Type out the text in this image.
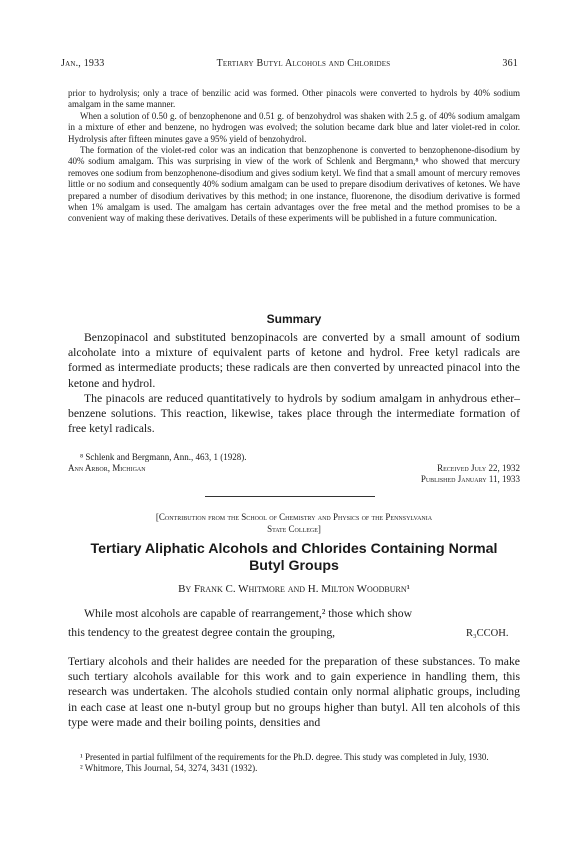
Jan., 1933	Tertiary Butyl Alcohols and Chlorides	361

prior to hydrolysis; only a trace of benzilic acid was formed. Other pinacols were converted to hydrols by 40% sodium amalgam in the same manner.

When a solution of 0.50 g. of benzophenone and 0.51 g. of benzohydrol was shaken with 2.5 g. of 40% sodium amalgam in a mixture of ether and benzene, no hydrogen was evolved; the solution became dark blue and later violet-red in color. Hydrolysis after fifteen minutes gave a 95% yield of benzohydrol.

The formation of the violet-red color was an indication that benzophenone is converted to benzophenone-disodium by 40% sodium amalgam. This was surprising in view of the work of Schlenk and Bergmann,⁸ who showed that mercury removes one sodium from benzophenone-disodium and gives sodium ketyl. We find that a small amount of mercury removes little or no sodium and consequently 40% sodium amalgam can be used to prepare disodium derivatives of ketones. We have prepared a number of disodium derivatives by this method; in one instance, fluorenone, the disodium derivative is formed when 1% amalgam is used. The amalgam has certain advantages over the free metal and the method promises to be a convenient way of making these derivatives. Details of these experiments will be published in a future communication.

Summary

Benzopinacol and substituted benzopinacols are converted by a small amount of sodium alcoholate into a mixture of equivalent parts of ketone and hydrol. Free ketyl radicals are formed as intermediate products; these radicals are then converted by unreacted pinacol into the ketone and hydrol.

The pinacols are reduced quantitatively to hydrols by sodium amalgam in anhydrous ether–benzene solutions. This reaction, likewise, takes place through the intermediate formation of free ketyl radicals.

⁸ Schlenk and Bergmann, Ann., 463, 1 (1928).
Ann Arbor, Michigan	Received July 22, 1932
Published January 11, 1933
[Contribution from the School of Chemistry and Physics of the Pennsylvania
State College]
Tertiary Aliphatic Alcohols and Chlorides Containing Normal
Butyl Groups
By Frank C. Whitmore and H. Milton Woodburn¹

While most alcohols are capable of rearrangement,² those which show

this tendency to the greatest degree contain the grouping,	R₃CCOH.

Tertiary alcohols and their halides are needed for the preparation of these substances. To make such tertiary alcohols available for this work and to gain experience in handling them, this research was undertaken. The alcohols studied contain only normal aliphatic groups, including in each case at least one n-butyl group but no groups higher than butyl. All ten alcohols of this type were made and their boiling points, densities and

¹ Presented in partial fulfilment of the requirements for the Ph.D. degree. This study was completed in July, 1930.

² Whitmore, This Journal, 54, 3274, 3431 (1932).
